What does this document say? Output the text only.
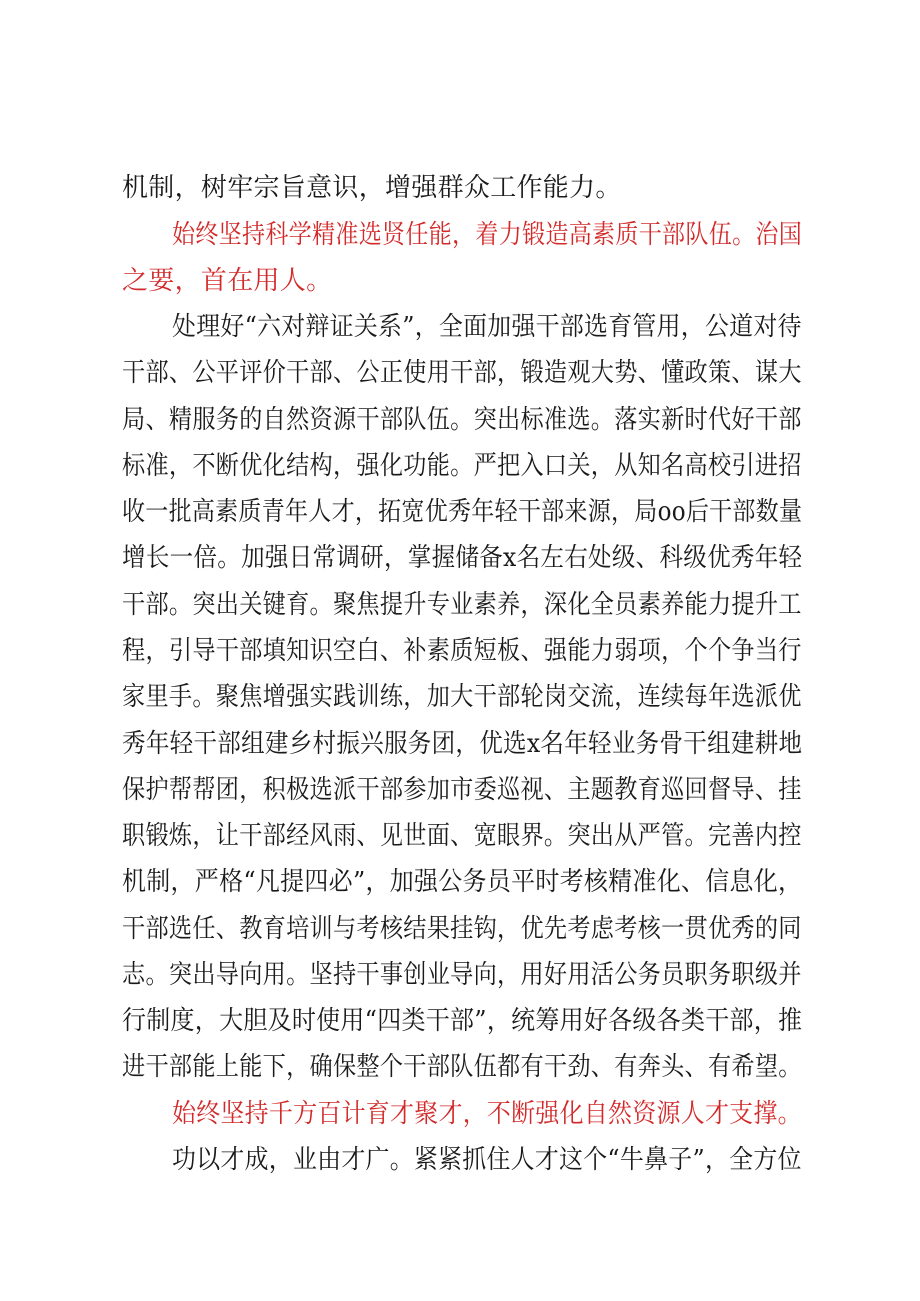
机制，树牢宗旨意识，增强群众工作能力。
始终坚持科学精准选贤任能，着力锻造高素质干部队伍。治国
之要，首在用人。
处理好“六对辩证关系”，全面加强干部选育管用，公道对待
干部、公平评价干部、公正使用干部，锻造观大势、懂政策、谋大
局、精服务的自然资源干部队伍。突出标准选。落实新时代好干部
标准，不断优化结构，强化功能。严把入口关，从知名高校引进招
收一批高素质青年人才，拓宽优秀年轻干部来源，局oo后干部数量
增长一倍。加强日常调研，掌握储备x名左右处级、科级优秀年轻
干部。突出关键育。聚焦提升专业素养，深化全员素养能力提升工
程，引导干部填知识空白、补素质短板、强能力弱项，个个争当行
家里手。聚焦增强实践训练，加大干部轮岗交流，连续每年选派优
秀年轻干部组建乡村振兴服务团，优选x名年轻业务骨干组建耕地
保护帮帮团，积极选派干部参加市委巡视、主题教育巡回督导、挂
职锻炼，让干部经风雨、见世面、宽眼界。突出从严管。完善内控
机制，严格“凡提四必”，加强公务员平时考核精准化、信息化，
干部选任、教育培训与考核结果挂钩，优先考虑考核一贯优秀的同
志。突出导向用。坚持干事创业导向，用好用活公务员职务职级并
行制度，大胆及时使用“四类干部”，统筹用好各级各类干部，推
进干部能上能下，确保整个干部队伍都有干劲、有奔头、有希望。
始终坚持千方百计育才聚才，不断强化自然资源人才支撑。
功以才成，业由才广。紧紧抓住人才这个“牛鼻子”，全方位
